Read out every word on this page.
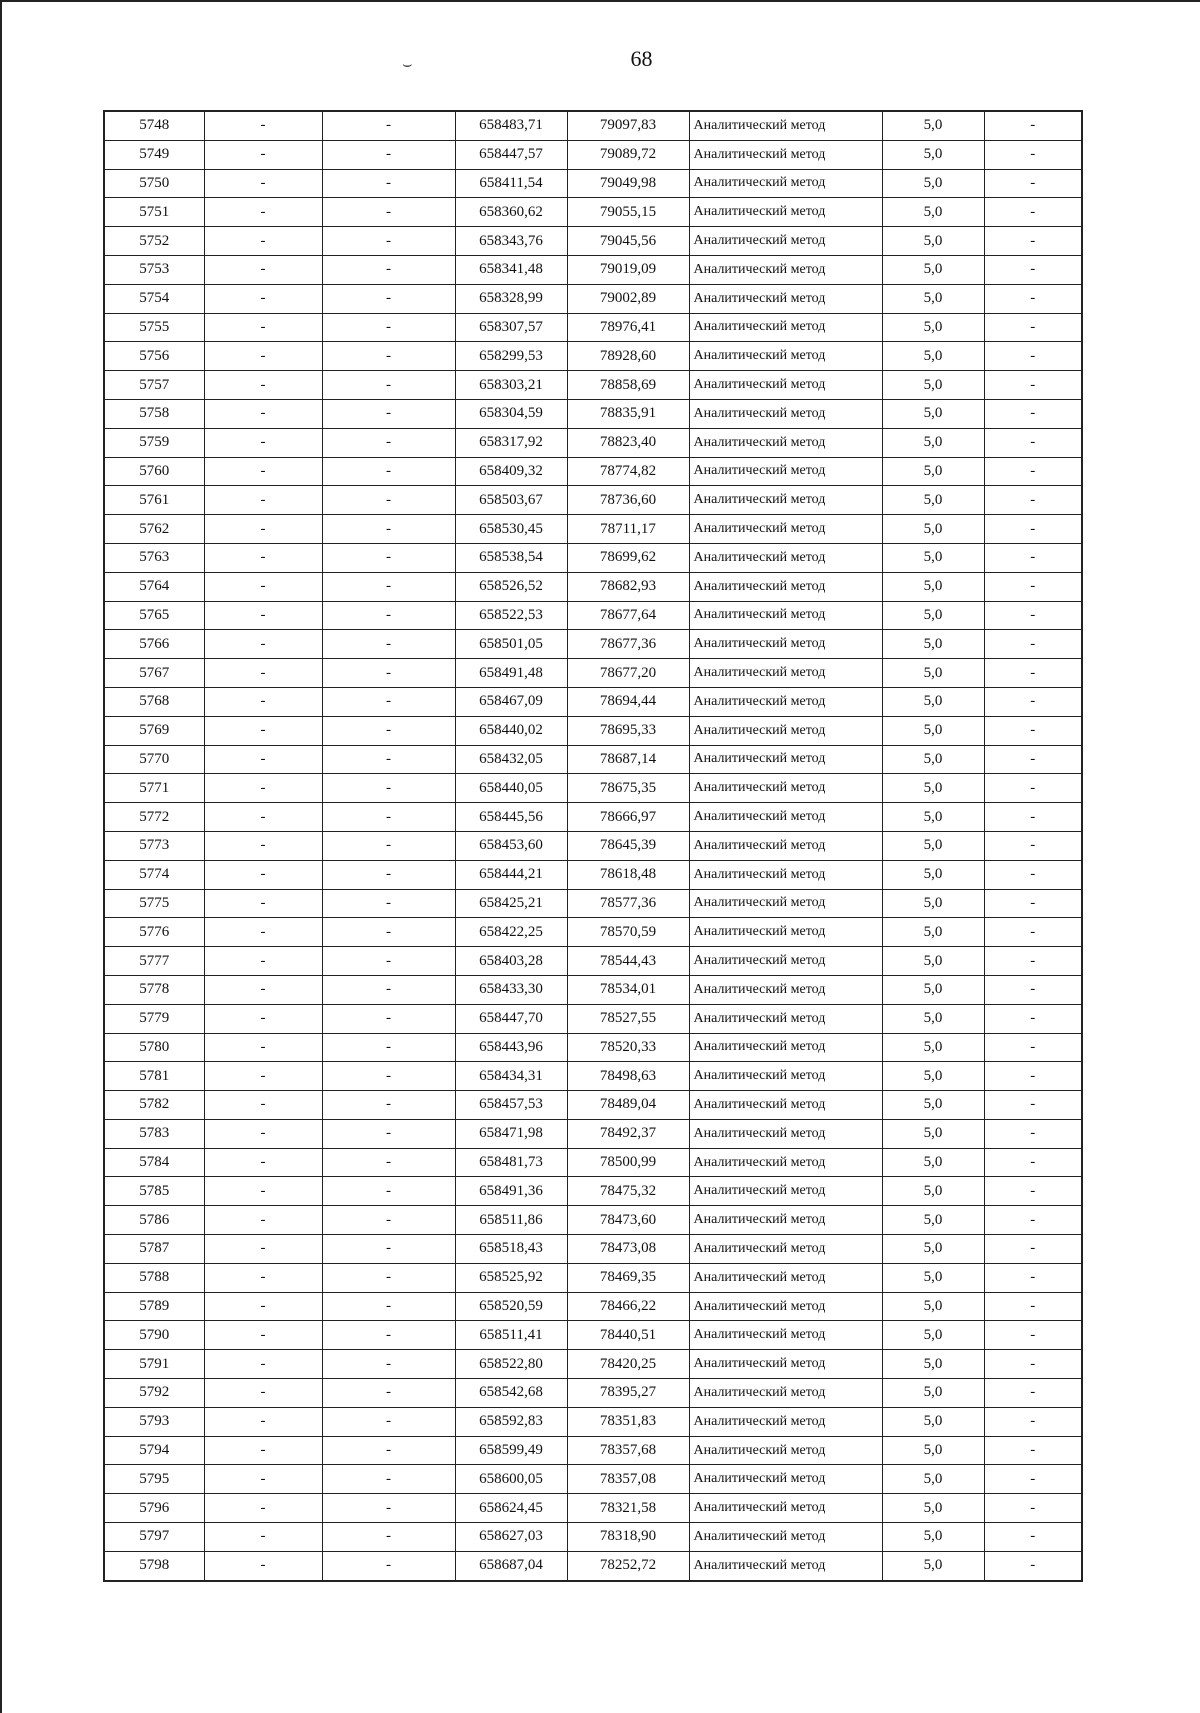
⌣	68
5748	-	-	658483,71	79097,83	Аналитический метод	5,0	-
5749	-	-	658447,57	79089,72	Аналитический метод	5,0	-
5750	-	-	658411,54	79049,98	Аналитический метод	5,0	-
5751	-	-	658360,62	79055,15	Аналитический метод	5,0	-
5752	-	-	658343,76	79045,56	Аналитический метод	5,0	-
5753	-	-	658341,48	79019,09	Аналитический метод	5,0	-
5754	-	-	658328,99	79002,89	Аналитический метод	5,0	-
5755	-	-	658307,57	78976,41	Аналитический метод	5,0	-
5756	-	-	658299,53	78928,60	Аналитический метод	5,0	-
5757	-	-	658303,21	78858,69	Аналитический метод	5,0	-
5758	-	-	658304,59	78835,91	Аналитический метод	5,0	-
5759	-	-	658317,92	78823,40	Аналитический метод	5,0	-
5760	-	-	658409,32	78774,82	Аналитический метод	5,0	-
5761	-	-	658503,67	78736,60	Аналитический метод	5,0	-
5762	-	-	658530,45	78711,17	Аналитический метод	5,0	-
5763	-	-	658538,54	78699,62	Аналитический метод	5,0	-
5764	-	-	658526,52	78682,93	Аналитический метод	5,0	-
5765	-	-	658522,53	78677,64	Аналитический метод	5,0	-
5766	-	-	658501,05	78677,36	Аналитический метод	5,0	-
5767	-	-	658491,48	78677,20	Аналитический метод	5,0	-
5768	-	-	658467,09	78694,44	Аналитический метод	5,0	-
5769	-	-	658440,02	78695,33	Аналитический метод	5,0	-
5770	-	-	658432,05	78687,14	Аналитический метод	5,0	-
5771	-	-	658440,05	78675,35	Аналитический метод	5,0	-
5772	-	-	658445,56	78666,97	Аналитический метод	5,0	-
5773	-	-	658453,60	78645,39	Аналитический метод	5,0	-
5774	-	-	658444,21	78618,48	Аналитический метод	5,0	-
5775	-	-	658425,21	78577,36	Аналитический метод	5,0	-
5776	-	-	658422,25	78570,59	Аналитический метод	5,0	-
5777	-	-	658403,28	78544,43	Аналитический метод	5,0	-
5778	-	-	658433,30	78534,01	Аналитический метод	5,0	-
5779	-	-	658447,70	78527,55	Аналитический метод	5,0	-
5780	-	-	658443,96	78520,33	Аналитический метод	5,0	-
5781	-	-	658434,31	78498,63	Аналитический метод	5,0	-
5782	-	-	658457,53	78489,04	Аналитический метод	5,0	-
5783	-	-	658471,98	78492,37	Аналитический метод	5,0	-
5784	-	-	658481,73	78500,99	Аналитический метод	5,0	-
5785	-	-	658491,36	78475,32	Аналитический метод	5,0	-
5786	-	-	658511,86	78473,60	Аналитический метод	5,0	-
5787	-	-	658518,43	78473,08	Аналитический метод	5,0	-
5788	-	-	658525,92	78469,35	Аналитический метод	5,0	-
5789	-	-	658520,59	78466,22	Аналитический метод	5,0	-
5790	-	-	658511,41	78440,51	Аналитический метод	5,0	-
5791	-	-	658522,80	78420,25	Аналитический метод	5,0	-
5792	-	-	658542,68	78395,27	Аналитический метод	5,0	-
5793	-	-	658592,83	78351,83	Аналитический метод	5,0	-
5794	-	-	658599,49	78357,68	Аналитический метод	5,0	-
5795	-	-	658600,05	78357,08	Аналитический метод	5,0	-
5796	-	-	658624,45	78321,58	Аналитический метод	5,0	-
5797	-	-	658627,03	78318,90	Аналитический метод	5,0	-
5798	-	-	658687,04	78252,72	Аналитический метод	5,0	-
